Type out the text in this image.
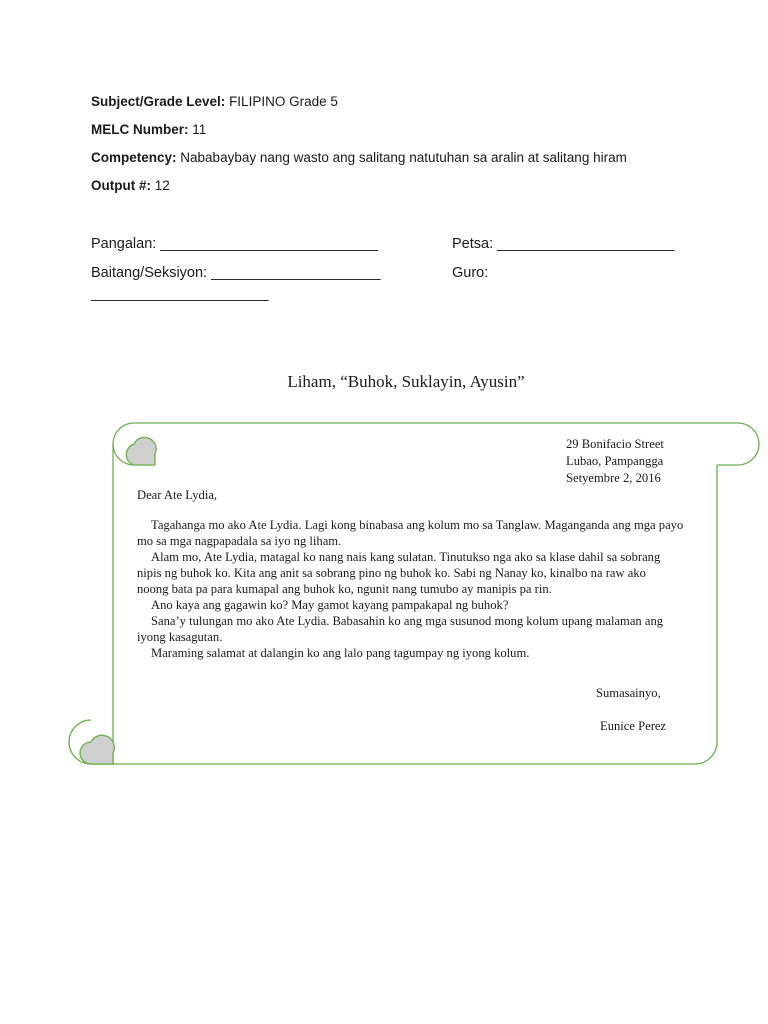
Subject/Grade Level: FILIPINO Grade 5
MELC Number: 11
Competency: Nababaybay nang wasto ang salitang natutuhan sa aralin at salitang hiram
Output #: 12
Pangalan: ___________________________	Petsa: ______________________
Baitang/Seksiyon: _____________________	Guro:
______________________
Liham, “Buhok, Suklayin, Ayusin”
29 Bonifacio Street
Lubao, Pampangga
Setyembre 2, 2016
Dear Ate Lydia,
Tagahanga mo ako Ate Lydia. Lagi kong binabasa ang kolum mo sa Tanglaw. Maganganda ang mga payo
mo sa mga nagpapadala sa iyo ng liham.
Alam mo, Ate Lydia, matagal ko nang nais kang sulatan. Tinutukso nga ako sa klase dahil sa sobrang
nipis ng buhok ko. Kita ang anit sa sobrang pino ng buhok ko. Sabi ng Nanay ko, kinalbo na raw ako
noong bata pa para kumapal ang buhok ko, ngunit nang tumubo ay manipis pa rin.
Ano kaya ang gagawin ko? May gamot kayang pampakapal ng buhok?
Sana’y tulungan mo ako Ate Lydia. Babasahin ko ang mga susunod mong kolum upang malaman ang
iyong kasagutan.
Maraming salamat at dalangin ko ang lalo pang tagumpay ng iyong kolum.
Sumasainyo,
Eunice Perez
